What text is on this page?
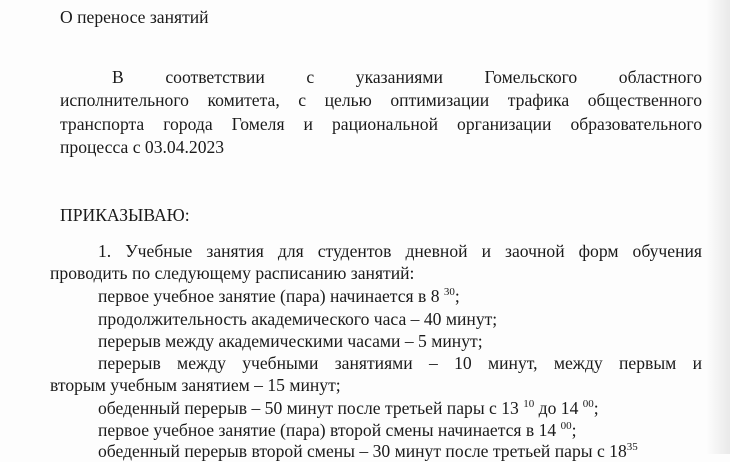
О переносе занятий
В соответствии с указаниями Гомельского областного
исполнительного комитета, с целью оптимизации трафика общественного
транспорта города Гомеля и рациональной организации образовательного
процесса с 03.04.2023
ПРИКАЗЫВАЮ:
1. Учебные занятия для студентов дневной и заочной форм обучения
проводить по следующему расписанию занятий:
первое учебное занятие (пара) начинается в 8 $^{30}$;
продолжительность академического часа – 40 минут;
перерыв между академическими часами – 5 минут;
перерыв между учебными занятиями – 10 минут, между первым и
вторым учебным занятием – 15 минут;
обеденный перерыв – 50 минут после третьей пары с 13 $^{10}$ до 14 $^{00}$;
первое учебное занятие (пара) второй смены начинается в 14 $^{00}$;
обеденный перерыв второй смены – 30 минут после третьей пары с $18^{35}$
